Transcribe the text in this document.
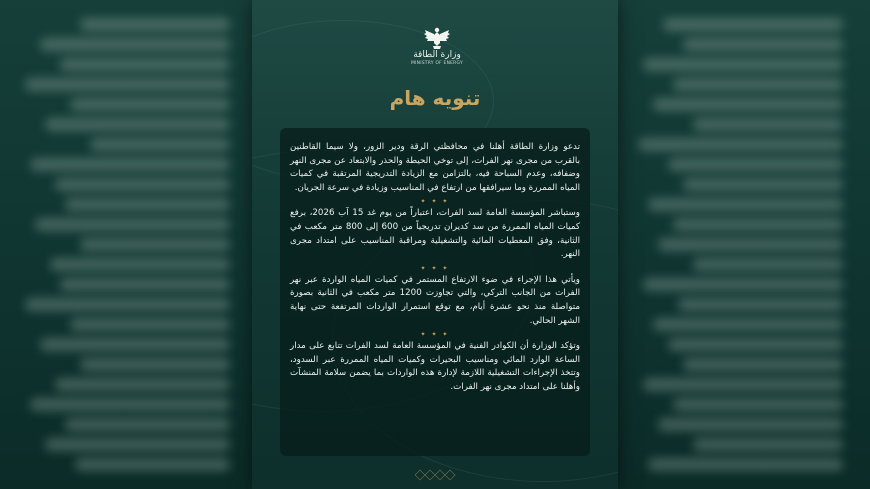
وزارة الطاقة
MINISTRY OF ENERGY
تنويه هام

تدعو وزارة الطاقة أهلنا في محافظتي الرقة ودير الزور، ولا سيما القاطنين بالقرب من مجرى نهر الفرات، إلى توخي الحيطة والحذر والابتعاد عن مجرى النهر وضفافه، وعدم السباحة فيه، بالتزامن مع الزيادة التدريجية المرتقبة في كميات المياه الممررة وما سيرافقها من ارتفاع في المناسيب وزيادة في سرعة الجريان.

✦ ✦ ✦

وستباشر المؤسسة العامة لسد الفرات، اعتباراً من يوم غد 15 آب 2026، برفع كميات المياه الممررة من سد كديران تدريجياً من 600 إلى 800 متر مكعب في الثانية، وفق المعطيات المائية والتشغيلية ومراقبة المناسيب على امتداد مجرى النهر.

✦ ✦ ✦

ويأتي هذا الإجراء في ضوء الارتفاع المستمر في كميات المياه الواردة عبر نهر الفرات من الجانب التركي، والتي تجاوزت 1200 متر مكعب في الثانية بصورة متواصلة منذ نحو عشرة أيام، مع توقع استمرار الواردات المرتفعة حتى نهاية الشهر الحالي.

✦ ✦ ✦

وتؤكد الوزارة أن الكوادر الفنية في المؤسسة العامة لسد الفرات تتابع على مدار الساعة الوارد المائي ومناسيب البحيرات وكميات المياه الممررة عبر السدود، وتتخذ الإجراءات التشغيلية اللازمة لإدارة هذه الواردات بما يضمن سلامة المنشآت وأهلنا على امتداد مجرى نهر الفرات.
